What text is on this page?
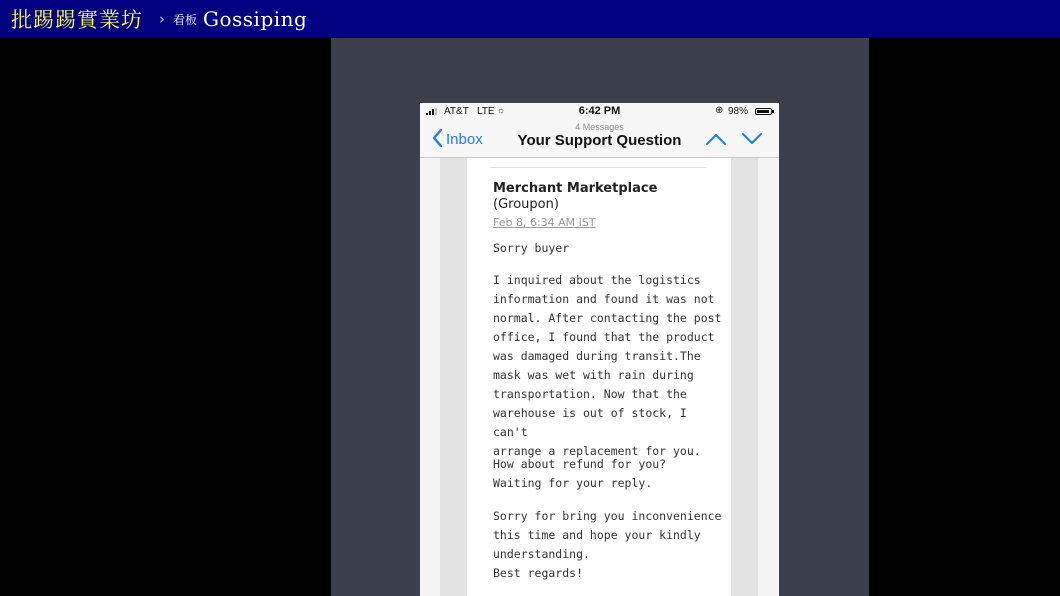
批踢踢實業坊 › 看板 Gossiping
AT&T LTE ☼	6:42 PM	⊕ 98%
Inbox
4 Messages
Your Support Question
Merchant Marketplace
(Groupon)
Feb 8, 6:34 AM IST

Sorry buyer

I inquired about the logistics
information and found it was not
normal. After contacting the post
office, I found that the product
was damaged during transit.The
mask was wet with rain during
transportation. Now that the
warehouse is out of stock, I can't
arrange a replacement for you.

How about refund for you?
Waiting for your reply.

Sorry for bring you inconvenience
this time and hope your kindly
understanding.
Best regards!
